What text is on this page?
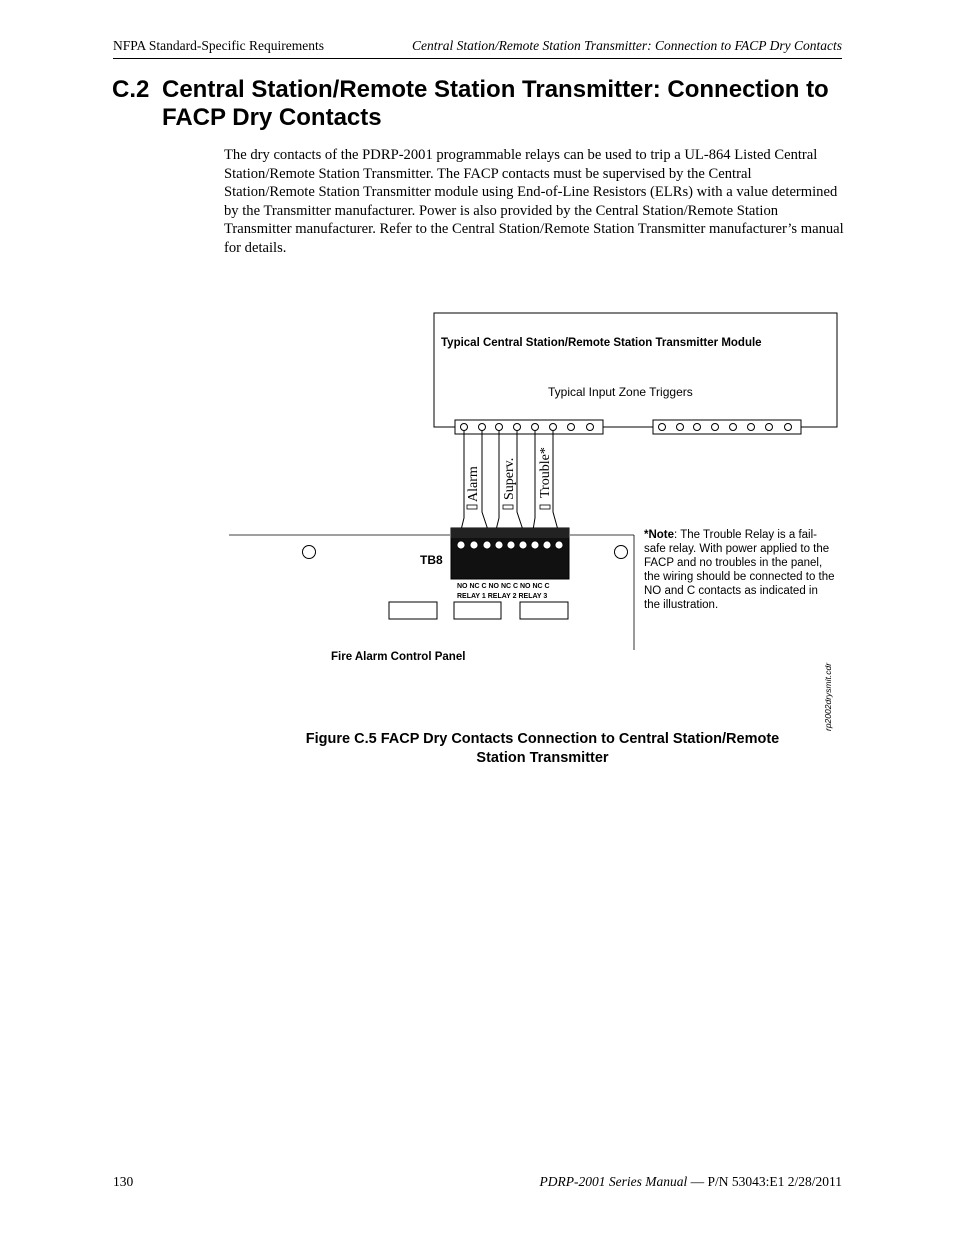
NFPA Standard-Specific Requirements	Central Station/Remote Station Transmitter: Connection to FACP Dry Contacts
C.2 Central Station/Remote Station Transmitter: Connection to FACP Dry Contacts
The dry contacts of the PDRP-2001 programmable relays can be used to trip a UL-864 Listed Central Station/Remote Station Transmitter. The FACP contacts must be supervised by the Central Station/Remote Station Transmitter module using End-of-Line Resistors (ELRs) with a value determined by the Transmitter manufacturer. Power is also provided by the Central Station/Remote Station Transmitter manufacturer. Refer to the Central Station/Remote Station Transmitter manufacturer’s manual for details.
Typical Central Station/Remote Station Transmitter Module
Typical Input Zone Triggers
Alarm Superv. Trouble*
TB8
NO NC C NO NC C NO NC C
RELAY 1 RELAY 2 RELAY 3
Fire Alarm Control Panel
rp2002drysmit.cdr
*Note: The Trouble Relay is a fail-safe relay. With power applied to the FACP and no troubles in the panel, the wiring should be connected to the NO and C contacts as indicated in the illustration.
Figure C.5 FACP Dry Contacts Connection to Central Station/Remote
Station Transmitter
130	PDRP-2001 Series Manual — P/N 53043:E1 2/28/2011
